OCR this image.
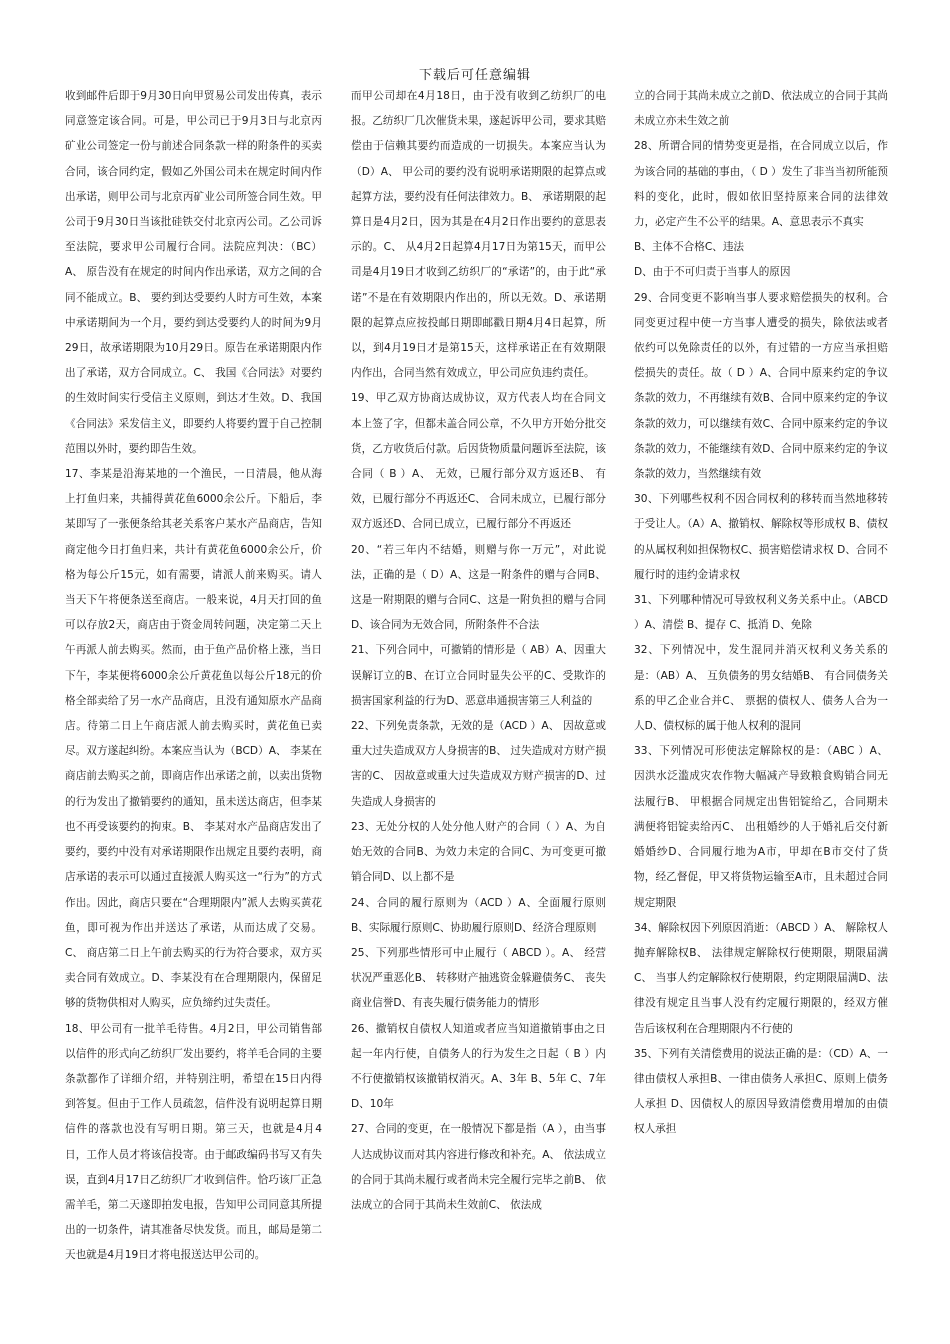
下载后可任意编辑

收到邮件后即于9月30日向甲贸易公司发出传真，表示同意签定该合同。可是，甲公司已于9月3日与北京丙矿业公司签定一份与前述合同条款一样的附条件的买卖合同，该合同约定，假如乙外国公司未在规定时间内作出承诺，则甲公司与北京丙矿业公司所签合同生效。甲公司于9月30日当该批硅铁交付北京丙公司。乙公司诉至法院，要求甲公司履行合同。法院应判决：（BC）A、 原告没有在规定的时间内作出承诺，双方之间的合同不能成立。B、 要约到达受要约人时方可生效，本案中承诺期间为一个月，要约到达受要约人的时间为9月29日，故承诺期限为10月29日。原告在承诺期限内作出了承诺，双方合同成立。C、 我国《合同法》对要约的生效时间实行受信主义原则，到达才生效。D、我国《合同法》采发信主义，即要约人将要约置于自己控制范围以外时，要约即告生效。

17、李某是沿海某地的一个渔民，一日清晨，他从海上打鱼归来，共捕得黄花鱼6000余公斤。下船后，李某即写了一张便条给其老关系客户某水产品商店，告知商定他今日打鱼归来，共计有黄花鱼6000余公斤，价格为每公斤15元，如有需要，请派人前来购买。请人当天下午将便条送至商店。一般来说，4月天打回的鱼可以存放2天，商店由于资金周转问题，决定第二天上午再派人前去购买。然而，由于鱼产品价格上涨，当日下午，李某便将6000余公斤黄花鱼以每公斤18元的价格全部卖给了另一水产品商店，且没有通知原水产品商店。待第二日上午商店派人前去购买时，黄花鱼已卖尽。双方遂起纠纷。本案应当认为（BCD）A、 李某在商店前去购买之前，即商店作出承诺之前，以卖出货物的行为发出了撤销要约的通知，虽未送达商店，但李某也不再受该要约的拘束。B、 李某对水产品商店发出了要约，要约中没有对承诺期限作出规定且要约表明，商店承诺的表示可以通过直接派人购买这一“行为”的方式作出。因此，商店只要在“合理期限内”派人去购买黄花鱼，即可视为作出并送达了承诺，从而达成了交易。C、 商店第二日上午前去购买的行为符合要求，双方买卖合同有效成立。D、李某没有在合理期限内，保留足够的货物供相对人购买，应负缔约过失责任。

18、甲公司有一批羊毛待售。4月2日，甲公司销售部以信件的形式向乙纺织厂发出要约，将羊毛合同的主要条款都作了详细介绍，并特别注明，希望在15日内得到答复。但由于工作人员疏忽，信件没有说明起算日期信件的落款也没有写明日期。第三天，也就是4月4日，工作人员才将该信投寄。由于邮政编码书写又有失误，直到4月17日乙纺织厂才收到信件。恰巧该厂正急需羊毛，第二天遂即拍发电报，告知甲公司同意其所提出的一切条件，请其准备尽快发货。而且，邮局是第二天也就是4月19日才将电报送达甲公司的。

而甲公司却在4月18日，由于没有收到乙纺织厂的电报。乙纺织厂几次催货未果，遂起诉甲公司，要求其赔偿由于信赖其要约而造成的一切损失。本案应当认为（D）A、 甲公司的要约没有说明承诺期限的起算点或起算方法，要约没有任何法律效力。B、 承诺期限的起算日是4月2日，因为其是在4月2日作出要约的意思表示的。C、 从4月2日起算4月17日为第15天，而甲公司是4月19日才收到乙纺织厂的“承诺”的，由于此“承诺”不是在有效期限内作出的，所以无效。D、承诺期限的起算点应按投邮日期即邮戳日期4月4日起算，所以，到4月19日才是第15天，这样承诺正在有效期限内作出，合同当然有效成立，甲公司应负违约责任。

19、甲乙双方协商达成协议，双方代表人均在合同文本上签了字，但都未盖合同公章，不久甲方开始分批交货，乙方收货后付款。后因货物质量问题诉至法院，该合同（ B ）A、 无效，已履行部分双方返还B、 有效，已履行部分不再返还C、 合同未成立，已履行部分双方返还D、合同已成立，已履行部分不再返还

20、“若三年内不结婚，则赠与你一万元”，对此说法，正确的是（ D）A、这是一附条件的赠与合同B、这是一附期限的赠与合同C、这是一附负担的赠与合同D、该合同为无效合同，所附条件不合法

21、下列合同中，可撤销的情形是（ AB）A、因重大误解订立的B、在订立合同时显失公平的C、受欺诈的损害国家利益的行为D、恶意串通损害第三人利益的

22、下列免责条款，无效的是（ACD ）A、 因故意或重大过失造成双方人身损害的B、 过失造成对方财产损害的C、 因故意或重大过失造成双方财产损害的D、过失造成人身损害的

23、无处分权的人处分他人财产的合同（ ）A、为自始无效的合同B、为效力未定的合同C、为可变更可撤销合同D、以上都不是

24、合同的履行原则为（ACD ）A、全面履行原则 B、实际履行原则C、协助履行原则D、经济合理原则

25、下列那些情形可中止履行（ ABCD ）。A、 经营状况严重恶化B、 转移财产抽逃资金躲避债务C、 丧失商业信誉D、有丧失履行债务能力的情形

26、撤销权自债权人知道或者应当知道撤销事由之日起一年内行使，自债务人的行为发生之日起（ B ）内不行使撤销权该撤销权消灭。A、3年 B、5年 C、7年 D、10年

27、合同的变更，在一般情况下都是指（A ），由当事人达成协议而对其内容进行修改和补充。A、 依法成立的合同于其尚未履行或者尚未完全履行完毕之前B、 依法成立的合同于其尚未生效前C、 依法成

立的合同于其尚未成立之前D、依法成立的合同于其尚未成立亦未生效之前

28、所谓合同的情势变更是指，在合同成立以后，作为该合同的基础的事由，（ D ）发生了非当当初所能预料的变化，此时，假如依旧坚持原来合同的法律效力，必定产生不公平的结果。A、意思表示不真实

B、主体不合格C、违法

D、由于不可归责于当事人的原因

29、合同变更不影响当事人要求赔偿损失的权利。合同变更过程中使一方当事人遭受的损失，除依法或者依约可以免除责任的以外，有过错的一方应当承担赔偿损失的责任。故（ D ）A、合同中原来约定的争议条款的效力，不再继续有效B、合同中原来约定的争议条款的效力，可以继续有效C、合同中原来约定的争议条款的效力，不能继续有效D、合同中原来约定的争议条款的效力，当然继续有效

30、下列哪些权利不因合同权利的移转而当然地移转于受让人。（A）A、撤销权、解除权等形成权 B、债权的从属权利如担保物权C、损害赔偿请求权 D、合同不履行时的违约金请求权

31、下列哪种情况可导致权利义务关系中止。（ABCD ）A、清偿 B、提存 C、抵消 D、免除

32、下列情况中，发生混同并消灭权利义务关系的是：（AB）A、 互负债务的男女结婚B、 有合同债务关系的甲乙企业合并C、 票据的债权人、债务人合为一人D、债权标的属于他人权利的混同

33、下列情况可形使法定解除权的是：（ABC ）A、 因洪水泛滥成灾农作物大幅减产导致粮食购销合同无法履行B、 甲根据合同规定出售铝锭给乙，合同期未满便将铝锭卖给丙C、 出租婚纱的人于婚礼后交付新婚婚纱D、合同履行地为A市，甲却在B市交付了货物，经乙督促，甲又将货物运输至A市，且未超过合同规定期限

34、解除权因下列原因消逝：（ABCD ）A、 解除权人抛弃解除权B、 法律规定解除权行使期限，期限届满C、 当事人约定解除权行使期限，约定期限届满D、法律没有规定且当事人没有约定履行期限的，经双方催告后该权利在合理期限内不行使的

35、下列有关清偿费用的说法正确的是：（CD）A、一律由债权人承担B、一律由债务人承担C、原则上债务人承担 D、因债权人的原因导致清偿费用增加的由债权人承担
